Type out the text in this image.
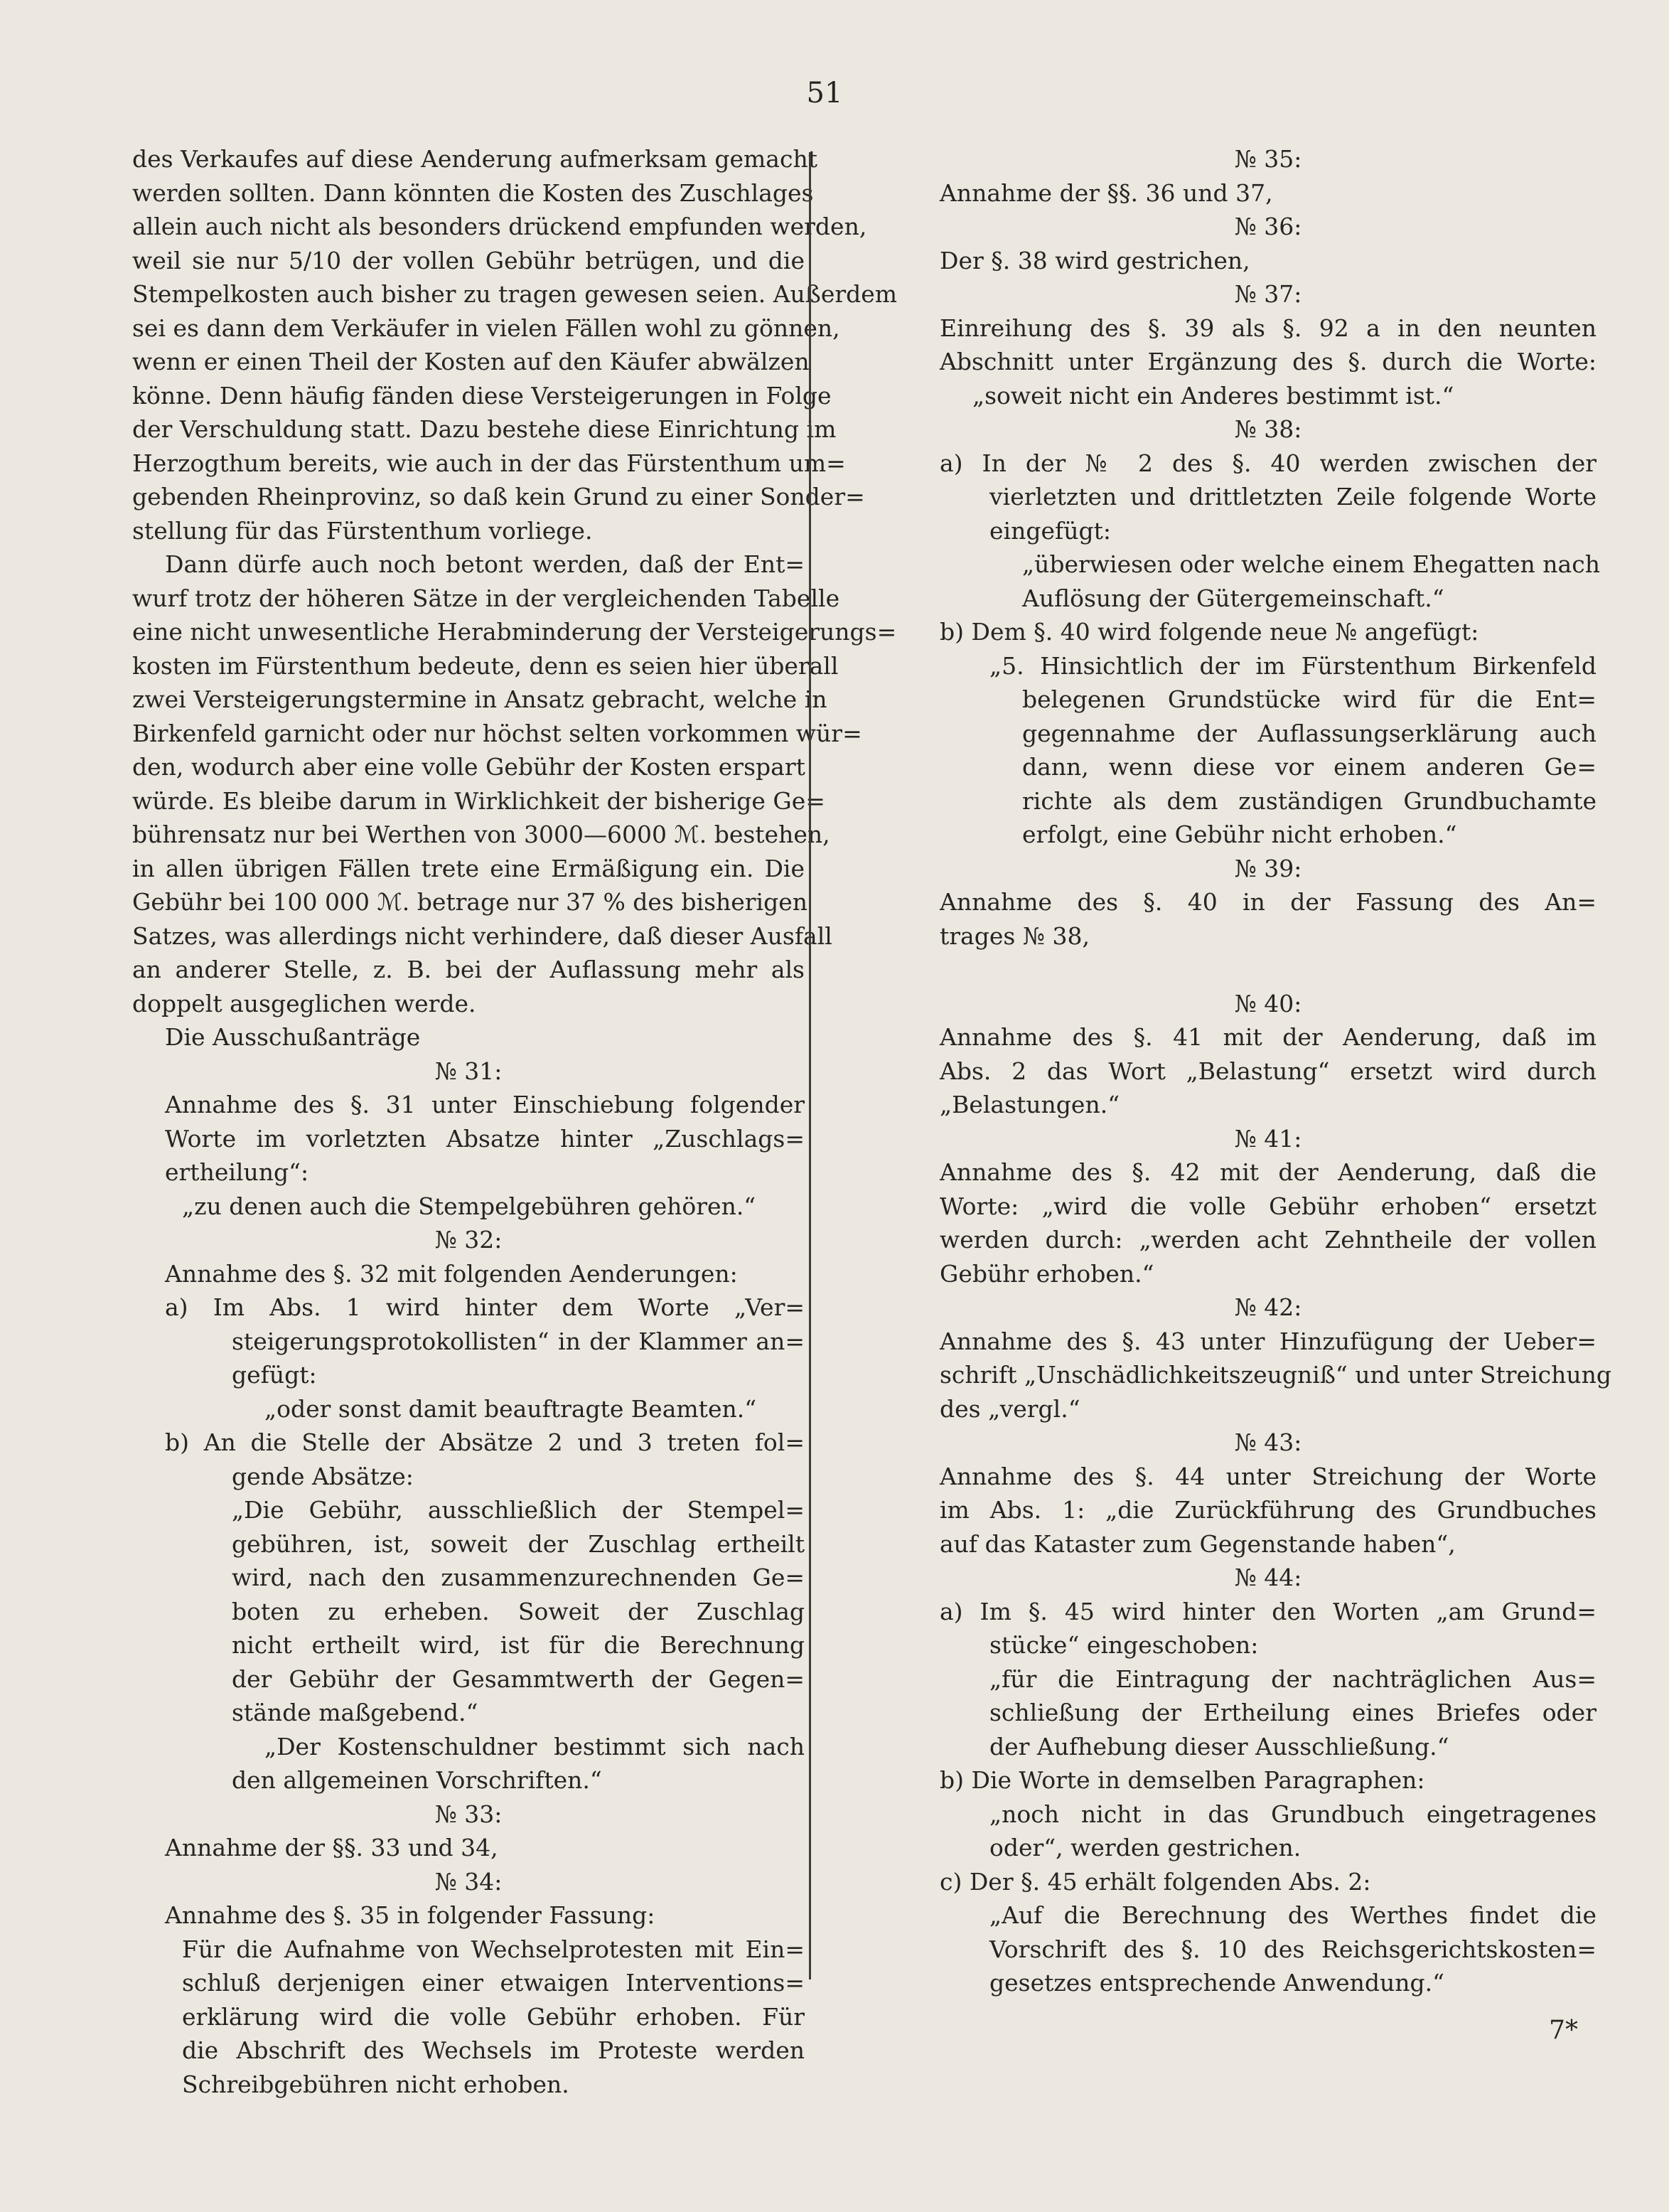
51
des Verkaufes auf diese Aenderung aufmerksam gemacht
werden sollten. Dann könnten die Kosten des Zuschlages
allein auch nicht als besonders drückend empfunden werden,
weil sie nur 5/10 der vollen Gebühr betrügen, und die
Stempelkosten auch bisher zu tragen gewesen seien. Außerdem
sei es dann dem Verkäufer in vielen Fällen wohl zu gönnen,
wenn er einen Theil der Kosten auf den Käufer abwälzen
könne. Denn häufig fänden diese Versteigerungen in Folge
der Verschuldung statt. Dazu bestehe diese Einrichtung im
Herzogthum bereits, wie auch in der das Fürstenthum um=
gebenden Rheinprovinz, so daß kein Grund zu einer Sonder=
stellung für das Fürstenthum vorliege.
Dann dürfe auch noch betont werden, daß der Ent=
wurf trotz der höheren Sätze in der vergleichenden Tabelle
eine nicht unwesentliche Herabminderung der Versteigerungs=
kosten im Fürstenthum bedeute, denn es seien hier überall
zwei Versteigerungstermine in Ansatz gebracht, welche in
Birkenfeld garnicht oder nur höchst selten vorkommen wür=
den, wodurch aber eine volle Gebühr der Kosten erspart
würde. Es bleibe darum in Wirklichkeit der bisherige Ge=
bührensatz nur bei Werthen von 3000—6000 ℳ. bestehen,
in allen übrigen Fällen trete eine Ermäßigung ein. Die
Gebühr bei 100 000 ℳ. betrage nur 37 % des bisherigen
Satzes, was allerdings nicht verhindere, daß dieser Ausfall
an anderer Stelle, z. B. bei der Auflassung mehr als
doppelt ausgeglichen werde.
Die Ausschußanträge
№ 31:
Annahme des §. 31 unter Einschiebung folgender
Worte im vorletzten Absatze hinter „Zuschlags=
ertheilung“:
„zu denen auch die Stempelgebühren gehören.“
№ 32:
Annahme des §. 32 mit folgenden Aenderungen:
a) Im Abs. 1 wird hinter dem Worte „Ver=
steigerungsprotokollisten“ in der Klammer an=
gefügt:
„oder sonst damit beauftragte Beamten.“
b) An die Stelle der Absätze 2 und 3 treten fol=
gende Absätze:
„Die Gebühr, ausschließlich der Stempel=
gebühren, ist, soweit der Zuschlag ertheilt
wird, nach den zusammenzurechnenden Ge=
boten zu erheben. Soweit der Zuschlag
nicht ertheilt wird, ist für die Berechnung
der Gebühr der Gesammtwerth der Gegen=
stände maßgebend.“
„Der Kostenschuldner bestimmt sich nach
den allgemeinen Vorschriften.“
№ 33:
Annahme der §§. 33 und 34,
№ 34:
Annahme des §. 35 in folgender Fassung:
Für die Aufnahme von Wechselprotesten mit Ein=
schluß derjenigen einer etwaigen Interventions=
erklärung wird die volle Gebühr erhoben. Für
die Abschrift des Wechsels im Proteste werden
Schreibgebühren nicht erhoben.
№ 35:
Annahme der §§. 36 und 37,
№ 36:
Der §. 38 wird gestrichen,
№ 37:
Einreihung des §. 39 als §. 92 a in den neunten
Abschnitt unter Ergänzung des §. durch die Worte:
„soweit nicht ein Anderes bestimmt ist.“
№ 38:
a) In der № 2 des §. 40 werden zwischen der
vierletzten und drittletzten Zeile folgende Worte
eingefügt:
„überwiesen oder welche einem Ehegatten nach
Auflösung der Gütergemeinschaft.“
b) Dem §. 40 wird folgende neue № angefügt:
„5. Hinsichtlich der im Fürstenthum Birkenfeld
belegenen Grundstücke wird für die Ent=
gegennahme der Auflassungserklärung auch
dann, wenn diese vor einem anderen Ge=
richte als dem zuständigen Grundbuchamte
erfolgt, eine Gebühr nicht erhoben.“
№ 39:
Annahme des §. 40 in der Fassung des An=
trages № 38,

№ 40:
Annahme des §. 41 mit der Aenderung, daß im
Abs. 2 das Wort „Belastung“ ersetzt wird durch
„Belastungen.“
№ 41:
Annahme des §. 42 mit der Aenderung, daß die
Worte: „wird die volle Gebühr erhoben“ ersetzt
werden durch: „werden acht Zehntheile der vollen
Gebühr erhoben.“
№ 42:
Annahme des §. 43 unter Hinzufügung der Ueber=
schrift „Unschädlichkeitszeugniß“ und unter Streichung
des „vergl.“
№ 43:
Annahme des §. 44 unter Streichung der Worte
im Abs. 1: „die Zurückführung des Grundbuches
auf das Kataster zum Gegenstande haben“,
№ 44:
a) Im §. 45 wird hinter den Worten „am Grund=
stücke“ eingeschoben:
„für die Eintragung der nachträglichen Aus=
schließung der Ertheilung eines Briefes oder
der Aufhebung dieser Ausschließung.“
b) Die Worte in demselben Paragraphen:
„noch nicht in das Grundbuch eingetragenes
oder“, werden gestrichen.
c) Der §. 45 erhält folgenden Abs. 2:
„Auf die Berechnung des Werthes findet die
Vorschrift des §. 10 des Reichsgerichtskosten=
gesetzes entsprechende Anwendung.“
7*
